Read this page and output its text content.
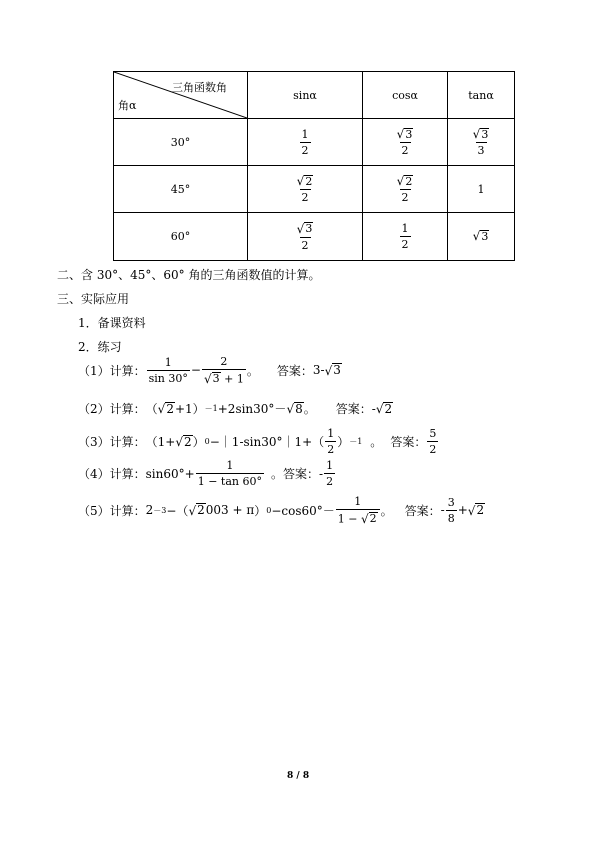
三角函数角
角α	sinα	cosα	tanα
30°	$\frac{1}{2}$	$\frac{√ 3}{2}$	$\frac{√ 3}{3}$

45°	$\frac{√ 2}{2}$	$\frac{√ 2}{2}$	1
60°	$\frac{√ 3}{2}$	$\frac{1}{2}$	√ 3
二、含 30°、45°、60° 角的三角函数值的计算。
三、实际应用
1．备课资料
2．练习
（1）计算： $\frac{1}{\sin 30^\circ} - \frac{2}{√ 3 + 1}$ 。 答案： 3- √ 3
（2）计算： （ √ 2 +1） －1 +2sin30°－ √ 8 。 答案： - √ 2
（3）计算： （1+ √ 2 ） 0 −｜1-sin30°｜1+（ $\frac{1}{2}$ ） －1 。 答案： $\frac{5}{2}$
（4）计算： $\sin 60^\circ+ \frac{1}{1 - \tan 60^\circ}$ 。 答案： - $\frac{1}{2}$
（5）计算： 2 －3 −（ √ 2 003 + π ） $0 -\cos 60^\circ- \frac{1}{1 - √ 2}$ 。 答案： - $\frac{3}{8}$ + √ 2
8 / 8
